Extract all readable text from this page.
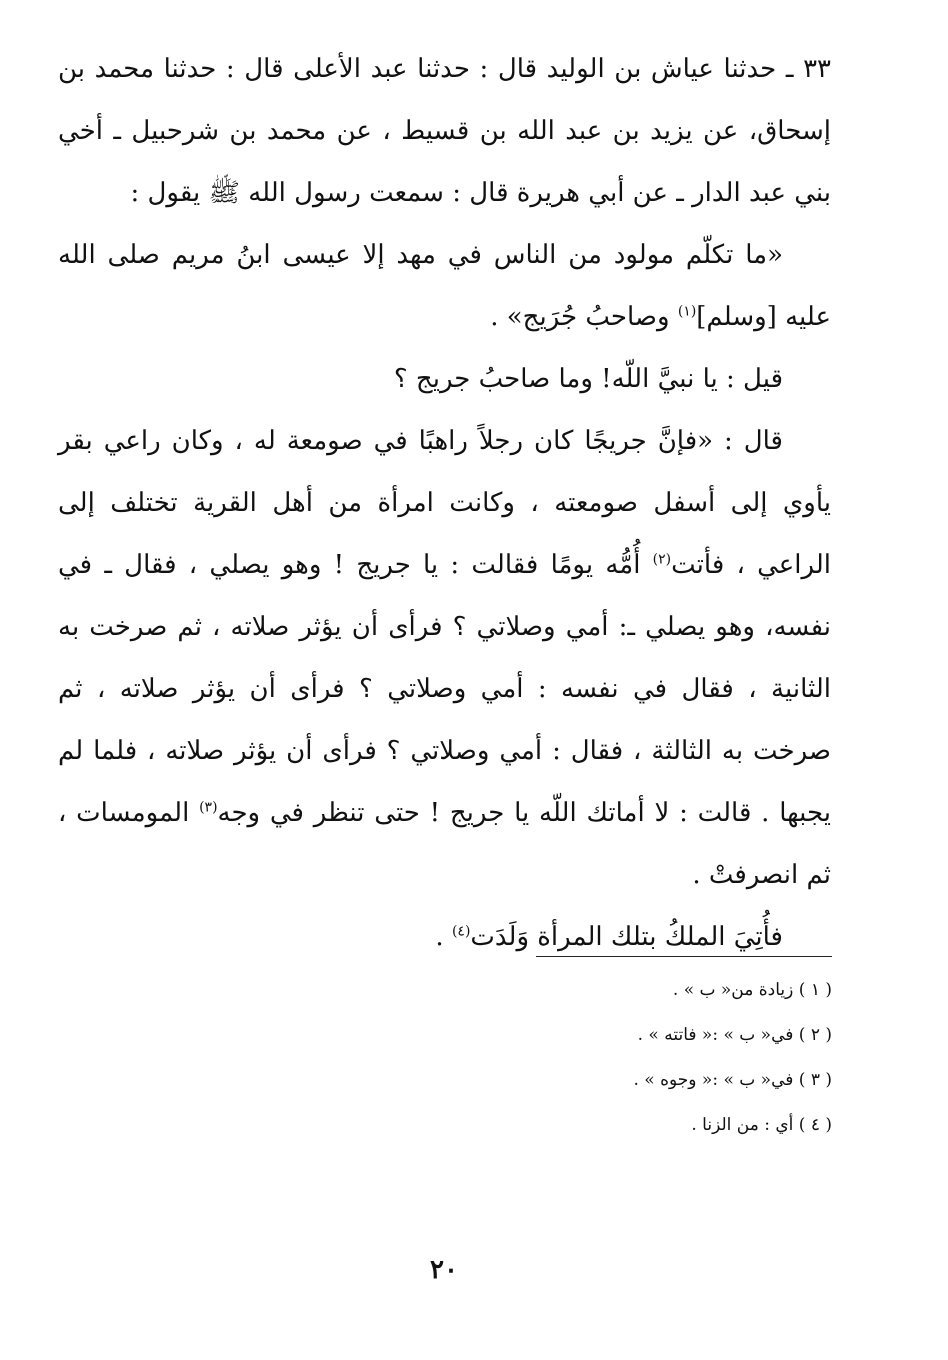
٣٣ ـ حدثنا عياش بن الوليد قال : حدثنا عبد الأعلى قال : حدثنا محمد بن إسحاق، عن يزيد بن عبد الله بن قسيط ، عن محمد بن شرحبيل ـ أخي بني عبد الدار ـ عن أبي هريرة قال : سمعت رسول الله ﷺ يقول :

«ما تكلّم مولود من الناس في مهد إلا عيسى ابنُ مريم صلى الله عليه [وسلم]$^{(١)}$ وصاحبُ جُرَيج» .

قيل : يا نبيَّ اللّه! وما صاحبُ جريج ؟

قال : «فإنَّ جريجًا كان رجلاً راهبًا في صومعة له ، وكان راعي بقر يأوي إلى أسفل صومعته ، وكانت امرأة من أهل القرية تختلف إلى الراعي ، فأتت$^{(٢)}$ أُمُّه يومًا فقالت : يا جريج ! وهو يصلي ، فقال ـ في نفسه، وهو يصلي ـ: أمي وصلاتي ؟ فرأى أن يؤثر صلاته ، ثم صرخت به الثانية ، فقال في نفسه : أمي وصلاتي ؟ فرأى أن يؤثر صلاته ، ثم صرخت به الثالثة ، فقال : أمي وصلاتي ؟ فرأى أن يؤثر صلاته ، فلما لم يجبها . قالت : لا أماتك اللّه يا جريج ! حتى تنظر في وجه$^{(٣)}$ المومسات ، ثم انصرفتْ .

فأُتِيَ الملكُ بتلك المرأة وَلَدَت$^{(٤)}$ .

( ١ ) زيادة من« ب » .

( ٢ ) في« ب » :« فاتته » .

( ٣ ) في« ب » :« وجوه » .

( ٤ ) أي : من الزنا .

٢٠
